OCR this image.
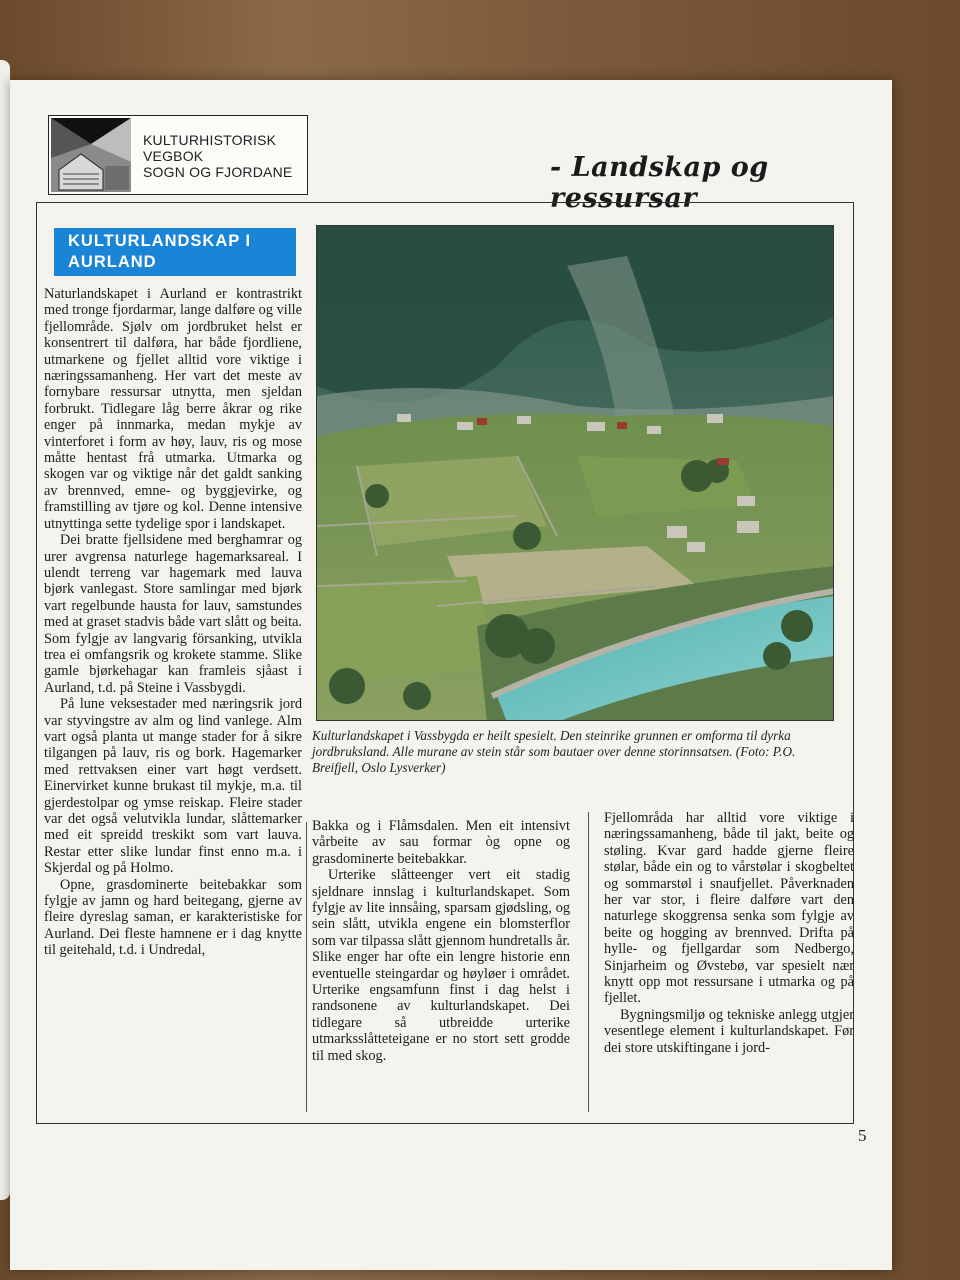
KULTURHISTORISK
VEGBOK
SOGN OG FJORDANE	- Landskap og ressursar
KULTURLANDSKAP I
AURLAND

Naturlandskapet i Aurland er kontrastrikt med tronge fjordarmar, lange dalføre og ville fjellområde. Sjølv om jordbruket helst er konsentrert til dalføra, har både fjordliene, utmarkene og fjellet alltid vore viktige i næringssamanheng. Her vart det meste av fornybare ressursar utnytta, men sjeldan forbrukt. Tidlegare låg berre åkrar og rike enger på innmarka, medan mykje av vinterforet i form av høy, lauv, ris og mose måtte hentast frå utmarka. Utmarka og skogen var og viktige når det galdt sanking av brennved, emne- og byggjevirke, og framstilling av tjøre og kol. Denne intensive utnyttinga sette tydelige spor i landskapet.

Dei bratte fjellsidene med berghamrar og urer avgrensa naturlege hagemarksareal. I ulendt terreng var hagemark med lauva bjørk vanlegast. Store samlingar med bjørk vart regelbunde hausta for lauv, samstundes med at graset stadvis både vart slått og beita. Som fylgje av langvarig försanking, utvikla trea ei omfangsrik og krokete stamme. Slike gamle bjørkehagar kan framleis sjåast i Aurland, t.d. på Steine i Vassbygdi.

På lune veksestader med næringsrik jord var styvingstre av alm og lind vanlege. Alm vart også planta ut mange stader for å sikre tilgangen på lauv, ris og bork. Hagemarker med rettvaksen einer vart høgt verdsett. Einervirket kunne brukast til mykje, m.a. til gjerdestolpar og ymse reiskap. Fleire stader var det også velutvikla lundar, slåttemarker med eit spreidd treskikt som vart lauva. Restar etter slike lundar finst enno m.a. i Skjerdal og på Holmo.

Opne, grasdominerte beitebakkar som fylgje av jamn og hard beitegang, gjerne av fleire dyreslag saman, er karakteristiske for Aurland. Dei fleste hamnene er i dag knytte til geitehald, t.d. i Undredal,

Kulturlandskapet i Vassbygda er heilt spesielt. Den steinrike grunnen er omforma til dyrka jordbruksland. Alle murane av stein står som bautaer over denne storinnsatsen. (Foto: P.O. Breifjell, Oslo Lysverker)

Bakka og i Flåmsdalen. Men eit intensivt vårbeite av sau formar òg opne og grasdominerte beitebakkar.

Urterike slåtteenger vert eit stadig sjeldnare innslag i kulturlandskapet. Som fylgje av lite innsåing, sparsam gjødsling, og sein slått, utvikla engene ein blomsterflor som var tilpassa slått gjennom hundretalls år. Slike enger har ofte ein lengre historie enn eventuelle steingardar og høyløer i området. Urterike engsamfunn finst i dag helst i randsonene av kulturlandskapet. Dei tidlegare så utbreidde urterike utmarksslåtteteigane er no stort sett grodde til med skog.

Fjellområda har alltid vore viktige i næringssamanheng, både til jakt, beite og støling. Kvar gard hadde gjerne fleire stølar, både ein og to vårstølar i skogbeltet og sommarstøl i snaufjellet. Påverknaden her var stor, i fleire dalføre vart den naturlege skoggrensa senka som fylgje av beite og hogging av brennved. Drifta på hylle- og fjellgardar som Nedbergo, Sinjarheim og Øvstebø, var spesielt nær knytt opp mot ressursane i utmarka og på fjellet.

Bygningsmiljø og tekniske anlegg utgjer vesentlege element i kulturlandskapet. Før dei store utskiftingane i jord-

5
